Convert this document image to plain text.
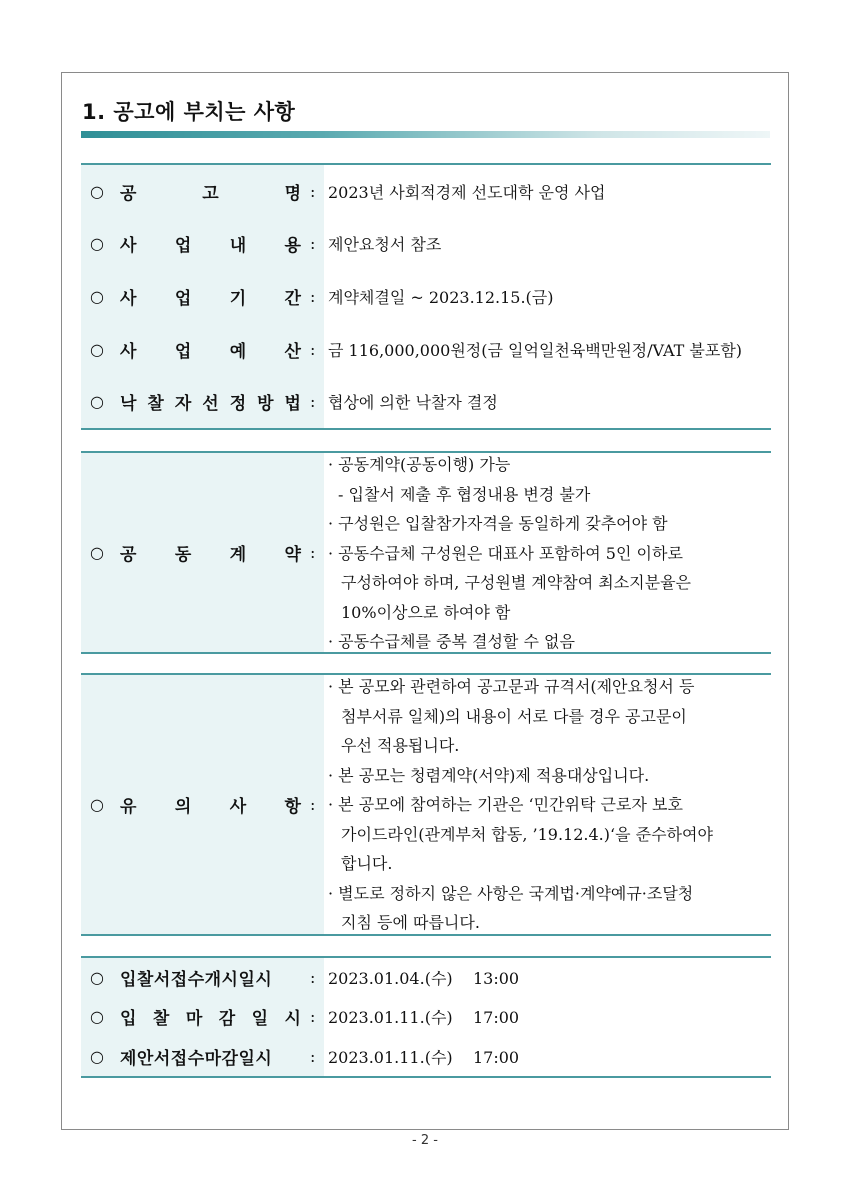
1. 공고에 부치는 사항
○ 공	고	명 : 2023년 사회적경제 선도대학 운영 사업
○ 사 업 내 용 : 제안요청서 참조
○ 사 업 기 간 : 계약체결일 ~ 2023.12.15.(금)
○ 사 업 예 산 : 금 116,000,000원정(금 일억일천육백만원정/VAT 불포함)
○ 낙 찰 자 선 정 방 법 : 협상에 의한 낙찰자 결정
○ 공 동 계 약 :
· 공동계약(공동이행) 가능
- 입찰서 제출 후 협정내용 변경 불가
· 구성원은 입찰참가자격을 동일하게 갖추어야 함
· 공동수급체 구성원은 대표사 포함하여 5인 이하로
구성하여야 하며, 구성원별 계약참여 최소지분율은
10%이상으로 하여야 함
· 공동수급체를 중복 결성할 수 없음
○ 유 의 사 항 :
· 본 공모와 관련하여 공고문과 규격서(제안요청서 등
첨부서류 일체)의 내용이 서로 다를 경우 공고문이
우선 적용됩니다.
· 본 공모는 청렴계약(서약)제 적용대상입니다.
· 본 공모에 참여하는 기관은 ‘민간위탁 근로자 보호
가이드라인(관계부처 합동, ’19.12.4.)‘을 준수하여야
합니다.
· 별도로 정하지 않은 사항은 국계법·계약예규·조달청
지침 등에 따릅니다.
○ 입찰서접수개시일시 : 2023.01.04.(수)    13:00
○ 입 찰 마 감 일 시 : 2023.01.11.(수)    17:00
○ 제안서접수마감일시 : 2023.01.11.(수)    17:00
- 2 -
